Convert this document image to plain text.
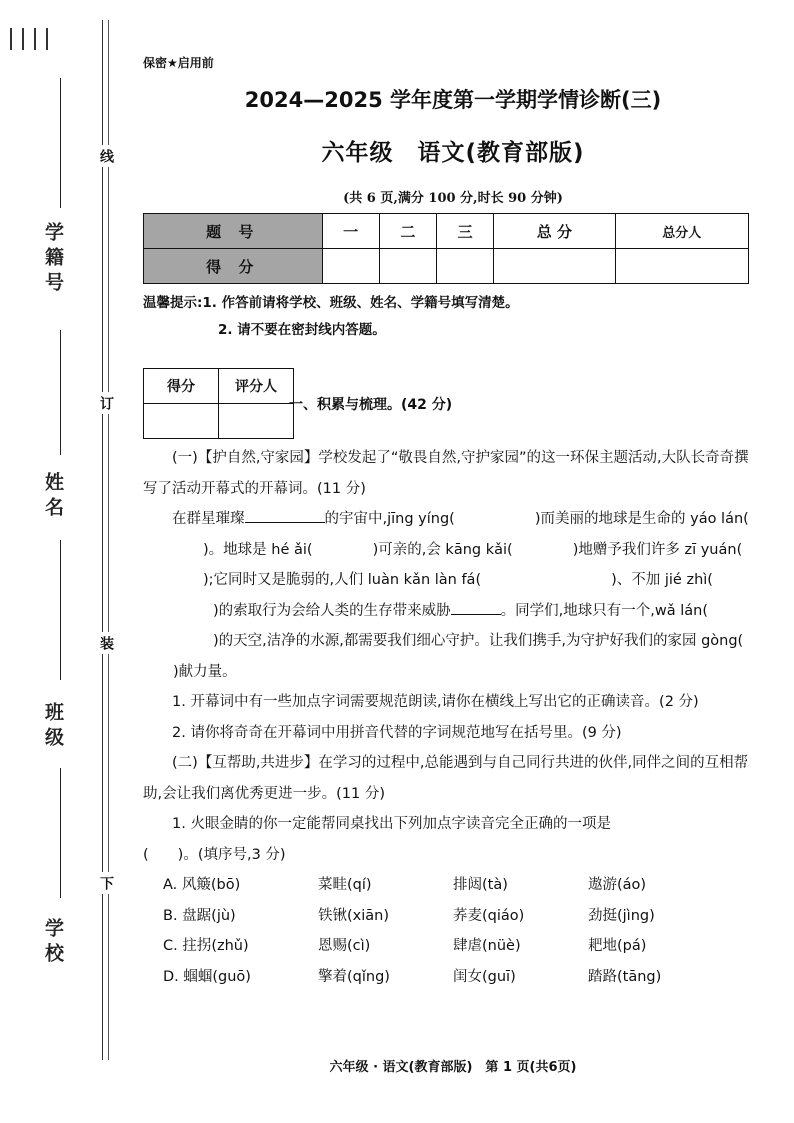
学籍号
姓名
班级
学校
线
订
装
下
保密★启用前
2024—2025 学年度第一学期学情诊断(三)
六年级　语文(教育部版)
(共 6 页,满分 100 分,时长 90 分钟)
题 号	一	二	三	总 分	总分人
得 分					
温馨提示:1. 作答前请将学校、班级、姓名、学籍号填写清楚。
2. 请不要在密封线内答题。
得分	评分人

一、积累与梳理。(42 分)

(一)【护自然,守家园】学校发起了“敬畏自然,守护家园”的这一环保主题活动,大队长奇奇撰写了活动开幕式的开幕词。(11 分)

在群星璀璨	的宇宙中,jīng yíng(	)而美丽的地球是生命的 yáo lán()。地球是 hé ǎi(	)可亲的,会 kāng kǎi(	)地赠予我们许多 zī yuán();它同时又是脆弱的,人们 luàn kǎn làn fá(	)、不加 jié zhì()的索取行为会给人类的生存带来威胁	。同学们,地球只有一个,wǎ lán()的天空,洁净的水源,都需要我们细心守护。让我们携手,为守护好我们的家园 gòng()献力量。

1. 开幕词中有一些加点字词需要规范朗读,请你在横线上写出它的正确读音。(2 分)

2. 请你将奇奇在开幕词中用拼音代替的字词规范地写在括号里。(9 分)

(二)【互帮助,共进步】在学习的过程中,总能遇到与自己同行共进的伙伴,同伴之间的互相帮助,会让我们离优秀更进一步。(11 分)

1. 火眼金睛的你一定能帮同桌找出下列加点字读音完全正确的一项是

(　　)。(填序号,3 分)

A. 风簸(bō)	菜畦(qí)	排闼(tà)	遨游(áo)
B. 盘踞(jù)	铁锹(xiān)	荞麦(qiáo)	劲挺(jìng)
C. 拄拐(zhǔ)	恩赐(cì)	肆虐(nüè)	耙地(pá)
D. 蝈蝈(guō)	擎着(qǐng)	闺女(guī)	踏路(tāng)
六年级 · 语文(教育部版)　第 1 页(共6页)
